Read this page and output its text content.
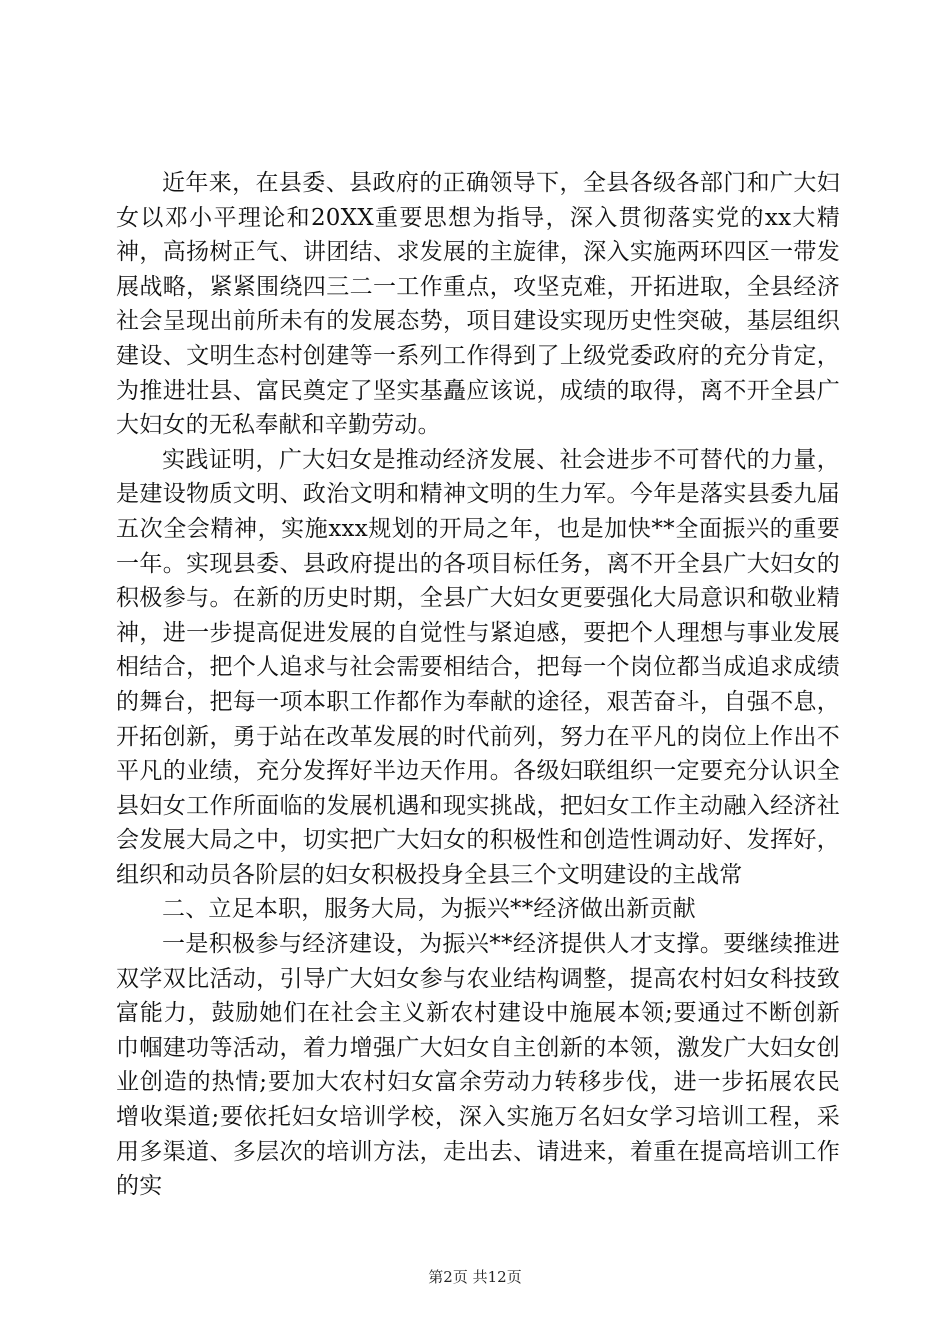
近年来，在县委、县政府的正确领导下，全县各级各部门和广大妇女以邓小平理论和20XX重要思想为指导，深入贯彻落实党的xx大精神，高扬树正气、讲团结、求发展的主旋律，深入实施两环四区一带发展战略，紧紧围绕四三二一工作重点，攻坚克难，开拓进取，全县经济社会呈现出前所未有的发展态势，项目建设实现历史性突破，基层组织建设、文明生态村创建等一系列工作得到了上级党委政府的充分肯定，为推进壮县、富民奠定了坚实基矗应该说，成绩的取得，离不开全县广大妇女的无私奉献和辛勤劳动。

实践证明，广大妇女是推动经济发展、社会进步不可替代的力量，是建设物质文明、政治文明和精神文明的生力军。今年是落实县委九届五次全会精神，实施xxx规划的开局之年，也是加快**全面振兴的重要一年。实现县委、县政府提出的各项目标任务，离不开全县广大妇女的积极参与。在新的历史时期，全县广大妇女更要强化大局意识和敬业精神，进一步提高促进发展的自觉性与紧迫感，要把个人理想与事业发展相结合，把个人追求与社会需要相结合，把每一个岗位都当成追求成绩的舞台，把每一项本职工作都作为奉献的途径，艰苦奋斗，自强不息，开拓创新，勇于站在改革发展的时代前列，努力在平凡的岗位上作出不平凡的业绩，充分发挥好半边天作用。各级妇联组织一定要充分认识全县妇女工作所面临的发展机遇和现实挑战，把妇女工作主动融入经济社会发展大局之中，切实把广大妇女的积极性和创造性调动好、发挥好，组织和动员各阶层的妇女积极投身全县三个文明建设的主战常

二、立足本职，服务大局，为振兴**经济做出新贡献

一是积极参与经济建设，为振兴**经济提供人才支撑。要继续推进双学双比活动，引导广大妇女参与农业结构调整，提高农村妇女科技致富能力，鼓励她们在社会主义新农村建设中施展本领;要通过不断创新巾帼建功等活动，着力增强广大妇女自主创新的本领，激发广大妇女创业创造的热情;要加大农村妇女富余劳动力转移步伐，进一步拓展农民增收渠道;要依托妇女培训学校，深入实施万名妇女学习培训工程，采用多渠道、多层次的培训方法，走出去、请进来，着重在提高培训工作的实

第2页 共12页
